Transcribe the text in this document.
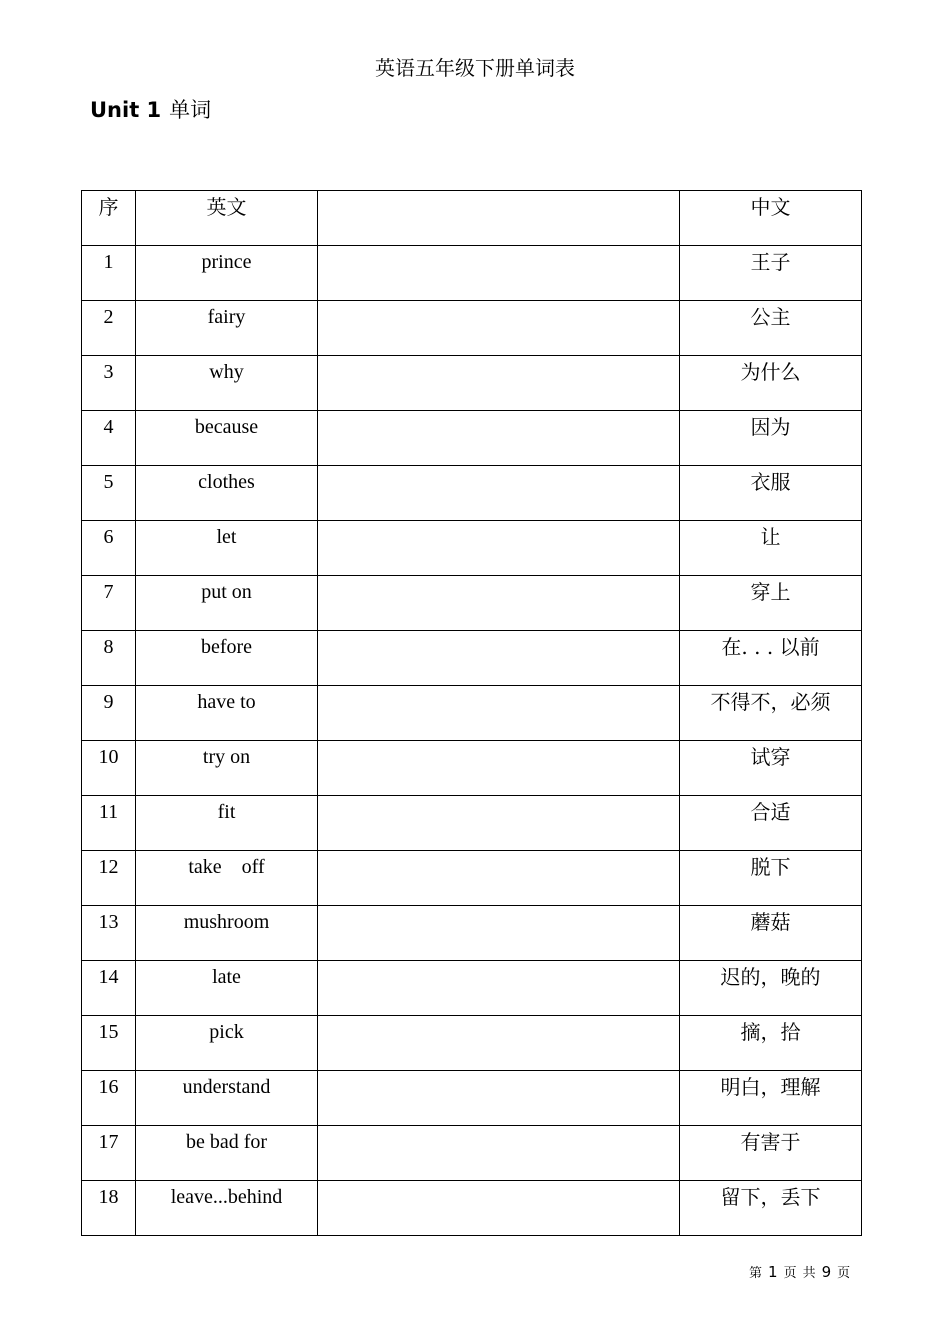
英语五年级下册单词表
Unit 1 单词
序	英文		中文

1	prince		王子

2	fairy		公主

3	why		为什么

4	because		因为

5	clothes		衣服

6	let		让

7	put on		穿上

8	before		在. . . 以前

9	have to		不得不，必须

10	try on		试穿

11	fit		合适

12	take    off		脱下

13	mushroom		蘑菇

14	late		迟的，晚的

15	pick		摘，拾

16	understand		明白，理解

17	be bad for		有害于

18	leave...behind		留下，丢下
第 1 页 共 9 页
